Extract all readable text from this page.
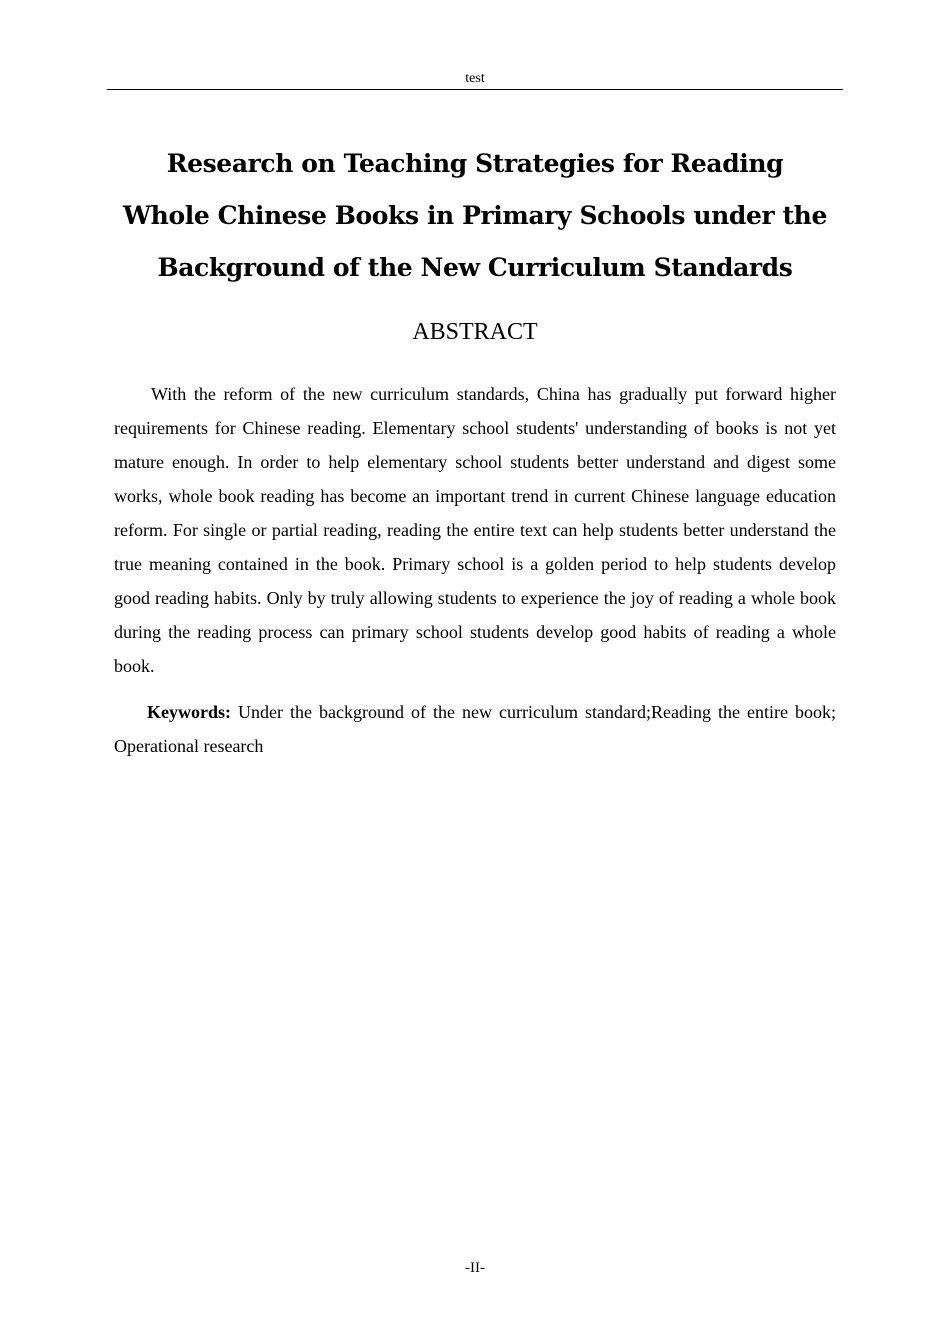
test
Research on Teaching Strategies for Reading Whole Chinese Books in Primary Schools under the Background of the New Curriculum Standards
ABSTRACT

With the reform of the new curriculum standards, China has gradually put forward higher requirements for Chinese reading. Elementary school students' understanding of books is not yet mature enough. In order to help elementary school students better understand and digest some works, whole book reading has become an important trend in current Chinese language education reform. For single or partial reading, reading the entire text can help students better understand the true meaning contained in the book. Primary school is a golden period to help students develop good reading habits. Only by truly allowing students to experience the joy of reading a whole book during the reading process can primary school students develop good habits of reading a whole book.

Keywords: Under the background of the new curriculum standard;Reading the entire book; Operational research

-II-
